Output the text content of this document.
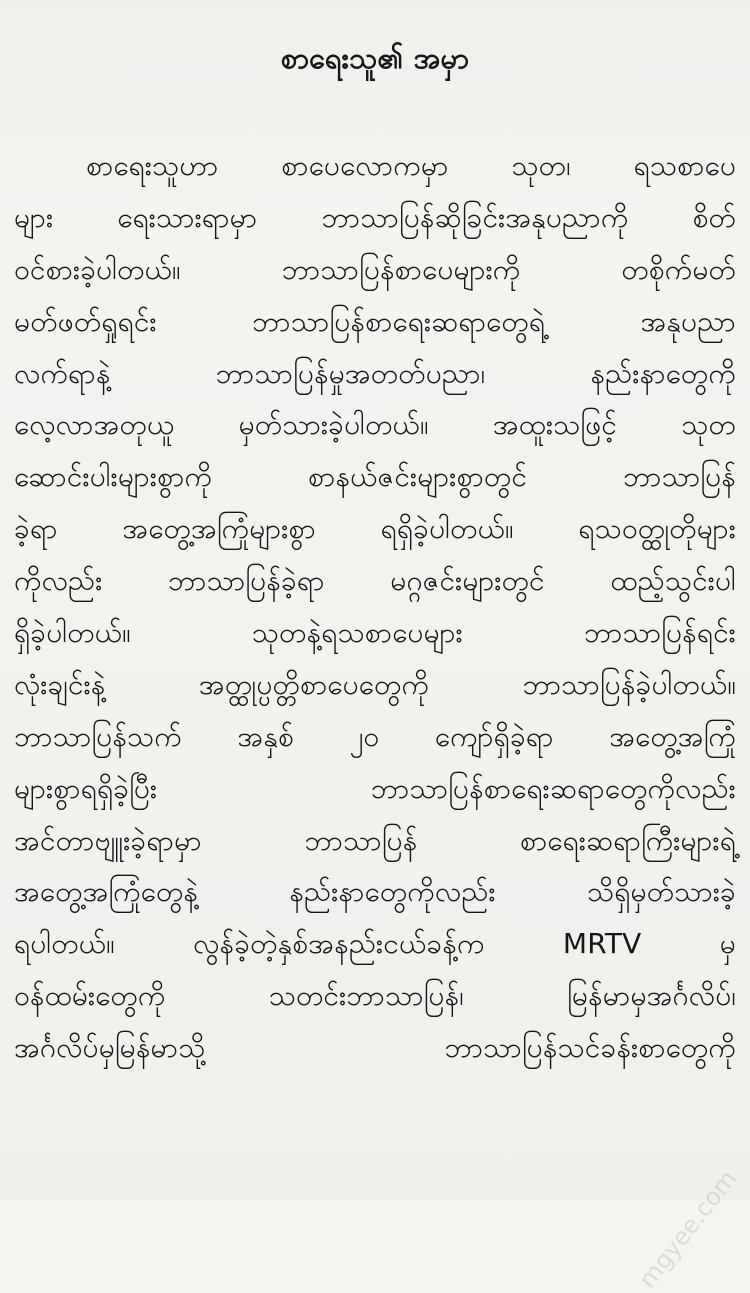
စာရေးသူ၏ အမှာ
စာရေးသူဟာ စာပေလောကမှာ သုတ၊ ရသစာပေ
များ ရေးသားရာမှာ ဘာသာပြန်ဆိုခြင်းအနုပညာကို စိတ်
ဝင်စားခဲ့ပါတယ်။ ဘာသာပြန်စာပေများကို တစိုက်မတ်
မတ်ဖတ်ရှုရင်း ဘာသာပြန်စာရေးဆရာတွေရဲ့ အနုပညာ
လက်ရာနဲ့ ဘာသာပြန်မှုအတတ်ပညာ၊ နည်းနာတွေကို
လေ့လာအတုယူ မှတ်သားခဲ့ပါတယ်။ အထူးသဖြင့် သုတ
ဆောင်းပါးများစွာကို စာနယ်ဇင်းများစွာတွင် ဘာသာပြန်
ခဲ့ရာ အတွေ့အကြုံများစွာ ရရှိခဲ့ပါတယ်။ ရသဝတ္ထုတိုများ
ကိုလည်း ဘာသာပြန်ခဲ့ရာ မဂ္ဂဇင်းများတွင် ထည့်သွင်းပါ
ရှိခဲ့ပါတယ်။ သုတနဲ့ရသစာပေများ ဘာသာပြန်ရင်း
လုံးချင်းနဲ့ အတ္ထုပ္ပတ္တိစာပေတွေကို ဘာသာပြန်ခဲ့ပါတယ်။
ဘာသာပြန်သက် အနှစ် ၂၀ ကျော်ရှိခဲ့ရာ အတွေ့အကြုံ
များစွာရရှိခဲ့ပြီး ဘာသာပြန်စာရေးဆရာတွေကိုလည်း
အင်တာဗျူးခဲ့ရာမှာ ဘာသာပြန် စာရေးဆရာကြီးများရဲ့
အတွေ့အကြုံတွေနဲ့ နည်းနာတွေကိုလည်း သိရှိမှတ်သားခဲ့
ရပါတယ်။ လွန်ခဲ့တဲ့နှစ်အနည်းငယ်ခန့်က MRTV မှ
ဝန်ထမ်းတွေကို သတင်းဘာသာပြန်၊ မြန်မာမှအင်္ဂလိပ်၊
အင်္ဂလိပ်မှမြန်မာသို့ ဘာသာပြန်သင်ခန်းစာတွေကို
mgyee.com
